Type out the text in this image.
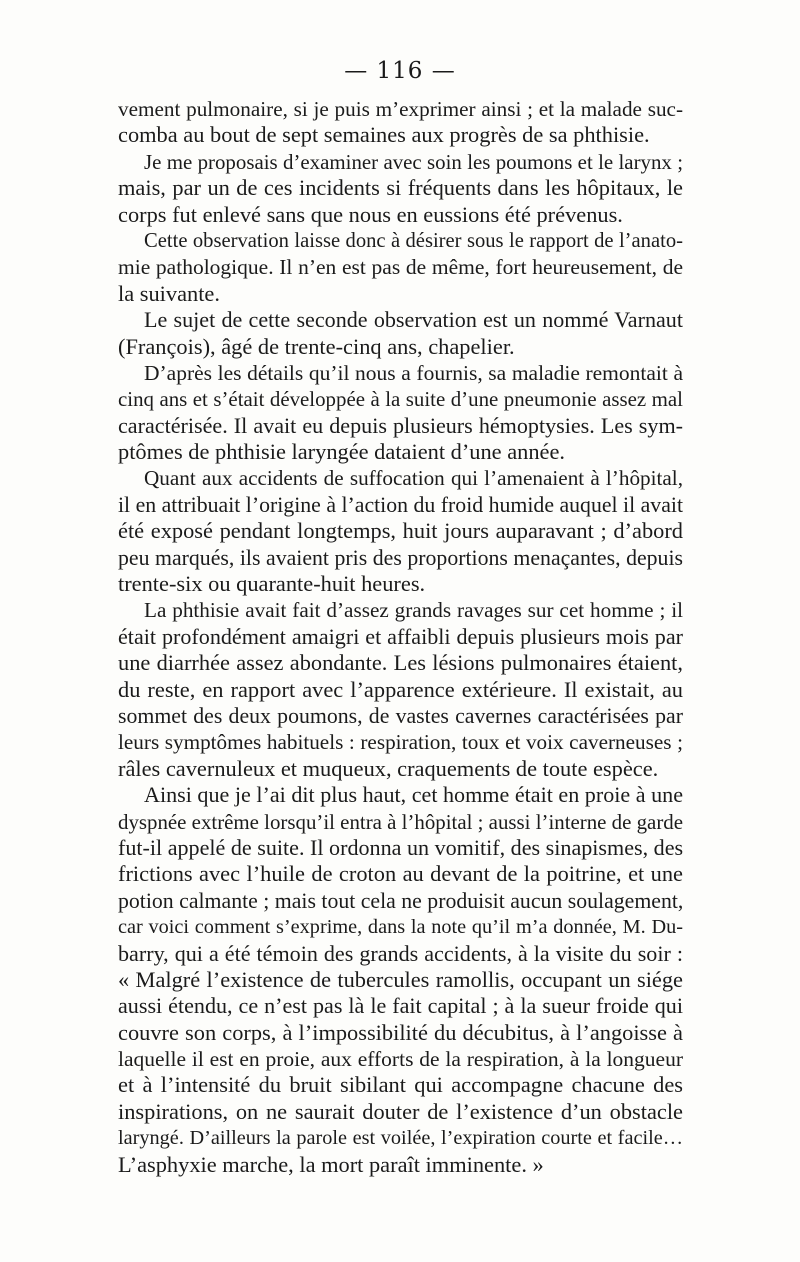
— 116 —
vement pulmonaire, si je puis m’exprimer ainsi ; et la malade suc-
comba au bout de sept semaines aux progrès de sa phthisie.
Je me proposais d’examiner avec soin les poumons et le larynx ;
mais, par un de ces incidents si fréquents dans les hôpitaux, le
corps fut enlevé sans que nous en eussions été prévenus.
Cette observation laisse donc à désirer sous le rapport de l’anato-
mie pathologique. Il n’en est pas de même, fort heureusement, de
la suivante.
Le sujet de cette seconde observation est un nommé Varnaut
(François), âgé de trente-cinq ans, chapelier.
D’après les détails qu’il nous a fournis, sa maladie remontait à
cinq ans et s’était développée à la suite d’une pneumonie assez mal
caractérisée. Il avait eu depuis plusieurs hémoptysies. Les sym-
ptômes de phthisie laryngée dataient d’une année.
Quant aux accidents de suffocation qui l’amenaient à l’hôpital,
il en attribuait l’origine à l’action du froid humide auquel il avait
été exposé pendant longtemps, huit jours auparavant ; d’abord
peu marqués, ils avaient pris des proportions menaçantes, depuis
trente-six ou quarante-huit heures.
La phthisie avait fait d’assez grands ravages sur cet homme ; il
était profondément amaigri et affaibli depuis plusieurs mois par
une diarrhée assez abondante. Les lésions pulmonaires étaient,
du reste, en rapport avec l’apparence extérieure. Il existait, au
sommet des deux poumons, de vastes cavernes caractérisées par
leurs symptômes habituels : respiration, toux et voix caverneuses ;
râles cavernuleux et muqueux, craquements de toute espèce.
Ainsi que je l’ai dit plus haut, cet homme était en proie à une
dyspnée extrême lorsqu’il entra à l’hôpital ; aussi l’interne de garde
fut-il appelé de suite. Il ordonna un vomitif, des sinapismes, des
frictions avec l’huile de croton au devant de la poitrine, et une
potion calmante ; mais tout cela ne produisit aucun soulagement,
car voici comment s’exprime, dans la note qu’il m’a donnée, M. Du-
barry, qui a été témoin des grands accidents, à la visite du soir :
« Malgré l’existence de tubercules ramollis, occupant un siége
aussi étendu, ce n’est pas là le fait capital ; à la sueur froide qui
couvre son corps, à l’impossibilité du décubitus, à l’angoisse à
laquelle il est en proie, aux efforts de la respiration, à la longueur
et à l’intensité du bruit sibilant qui accompagne chacune des
inspirations, on ne saurait douter de l’existence d’un obstacle
laryngé. D’ailleurs la parole est voilée, l’expiration courte et facile…
L’asphyxie marche, la mort paraît imminente. »
